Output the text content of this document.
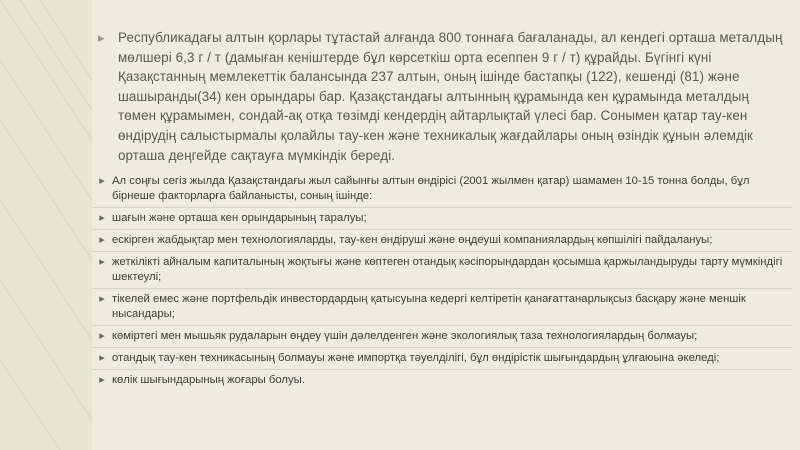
▸	Республикадағы алтын қорлары тұтастай алғанда 800 тоннаға бағаланады, ал кендегі орташа металдың мөлшері 6,3 г / т (дамыған кеніштерде бұл көрсеткіш орта есеппен 9 г / т) құрайды. Бүгінгі күні Қазақстанның мемлекеттік балансында 237 алтын, оның ішінде бастапқы (122), кешенді (81) және шашыранды(34) кен орындары бар. Қазақстандағы алтынның құрамында кен құрамында металдың төмен құрамымен, сондай-ақ отқа төзімді кендердің айтарлықтай үлесі бар. Сонымен қатар тау-кен өндірудің салыстырмалы қолайлы тау-кен және техникалық жағдайлары оның өзіндік құнын әлемдік орташа деңгейде сақтауға мүмкіндік береді.
▸ Ал соңғы сегіз жылда Қазақстандағы жыл сайынғы алтын өндірісі (2001 жылмен қатар) шамамен 10-15 тонна болды, бұл бірнеше факторларға байланысты, соның ішінде:
▸ шағын және орташа кен орындарының таралуы;
▸ ескірген жабдықтар мен технологияларды, тау-кен өндіруші және өңдеуші компаниялардың көпшілігі пайдалануы;
▸ жеткілікті айналым капиталының жоқтығы және көптеген отандық кәсіпорындардан қосымша қаржыландыруды тарту мүмкіндігі шектеулі;
▸ тікелей емес және портфельдік инвестордардың қатысуына кедергі келтіретін қанағаттанарлықсыз басқару және меншік нысандары;
▸ көміртегі мен мышьяк рудаларын өңдеу үшін дәлелденген және экологиялық таза технологиялардың болмауы;
▸ отандық тау-кен техникасының болмауы және импортқа тәуелділігі, бұл өндірістік шығындардың ұлғаюына әкеледі;
▸ көлік шығындарының жоғары болуы.
